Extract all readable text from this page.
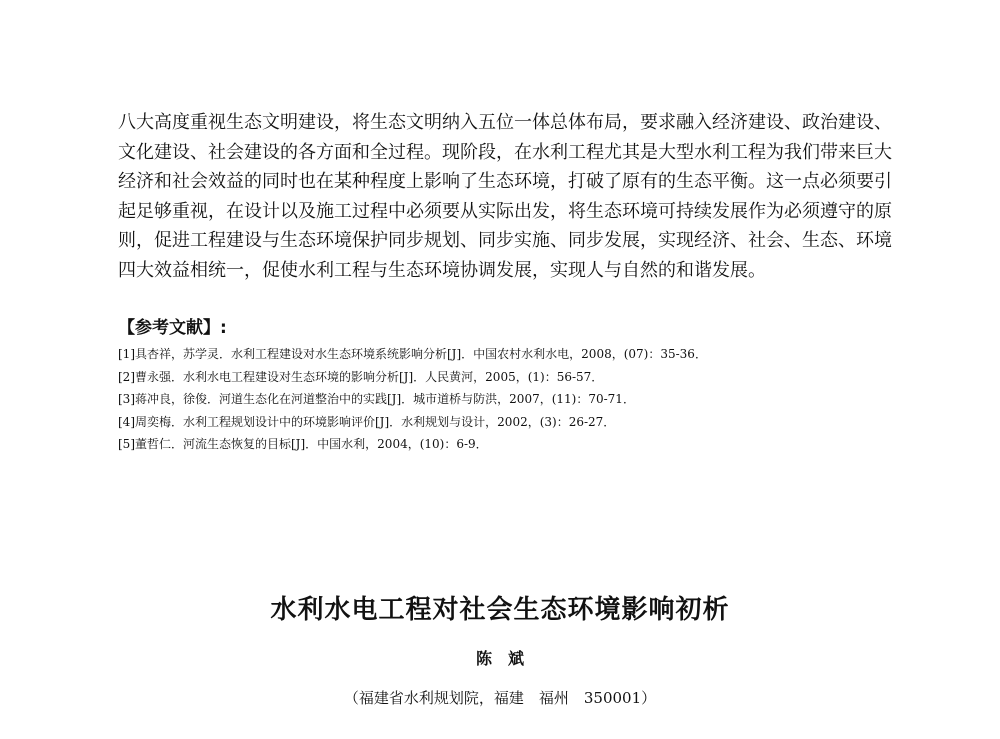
八大高度重视生态文明建设，将生态文明纳入五位一体总体布局，要求融入经济建设、政治建设、
文化建设、社会建设的各方面和全过程。现阶段，在水利工程尤其是大型水利工程为我们带来巨大
经济和社会效益的同时也在某种程度上影响了生态环境，打破了原有的生态平衡。这一点必须要引
起足够重视，在设计以及施工过程中必须要从实际出发，将生态环境可持续发展作为必须遵守的原
则，促进工程建设与生态环境保护同步规划、同步实施、同步发展，实现经济、社会、生态、环境
四大效益相统一，促使水利工程与生态环境协调发展，实现人与自然的和谐发展。
【参考文献】:
[1]具杏祥，苏学灵．水利工程建设对水生态环境系统影响分析[J]．中国农村水利水电，2008，(07)：35-36．
[2]曹永强．水利水电工程建设对生态环境的影响分析[J]．人民黄河，2005，(1)：56-57．
[3]蒋冲良，徐俊．河道生态化在河道整治中的实践[J]．城市道桥与防洪，2007，(11)：70-71．
[4]周奕梅．水利工程规划设计中的环境影响评价[J]．水利规划与设计，2002，(3)：26-27．
[5]董哲仁．河流生态恢复的目标[J]．中国水利，2004，(10)：6-9．
水利水电工程对社会生态环境影响初析

陈　斌

（福建省水利规划院，福建　福州　350001）
